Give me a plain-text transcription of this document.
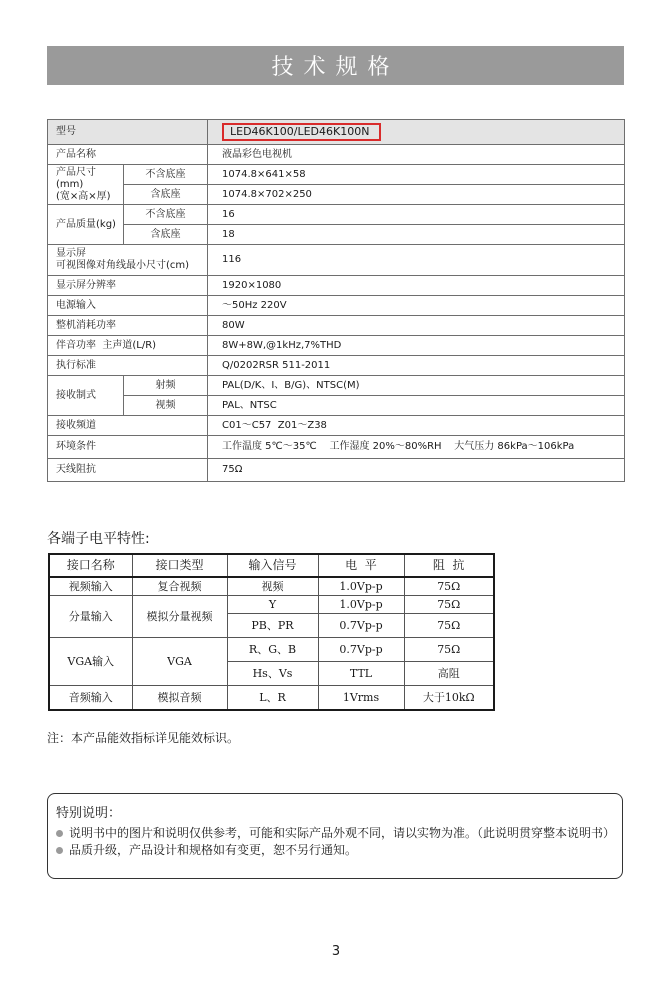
技术规格
型号		LED46K100/LED46K100N
产品名称		液晶彩色电视机

产品尺寸(mm)
(宽×高×厚)	不含底座	1074.8×641×58
	含底座	1074.8×702×250
产品质量(kg)	不含底座	16
	含底座	18

显示屏
可视图像对角线最小尺寸(cm)		116
显示屏分辨率		1920×1080
电源输入		～50Hz 220V
整机消耗功率		80W
伴音功率  主声道(L/R)		8W+8W,@1kHz,7%THD
执行标准		Q/0202RSR 511-2011
接收制式	射频	PAL(D/K、I、B/G)、NTSC(M)
	视频	PAL、NTSC
接收频道		C01～C57  Z01～Z38
环境条件		工作温度 5℃～35℃    工作湿度 20%～80%RH    大气压力 86kPa～106kPa
天线阻抗		75Ω
各端子电平特性:
接口名称	接口类型	输入信号	电  平	阻  抗
视频输入	复合视频	视频	1.0Vp-p	75Ω
分量输入	模拟分量视频	Y	1.0Vp-p	75Ω
		PB、PR	0.7Vp-p	75Ω
VGA输入	VGA	R、G、B	0.7Vp-p	75Ω
		Hs、Vs	TTL	高阻
音频输入	模拟音频	L、R	1Vrms	大于10kΩ
注：本产品能效指标详见能效标识。
特别说明：
说明书中的图片和说明仅供参考，可能和实际产品外观不同，请以实物为准。（此说明贯穿整本说明书）
品质升级，产品设计和规格如有变更，恕不另行通知。
3
